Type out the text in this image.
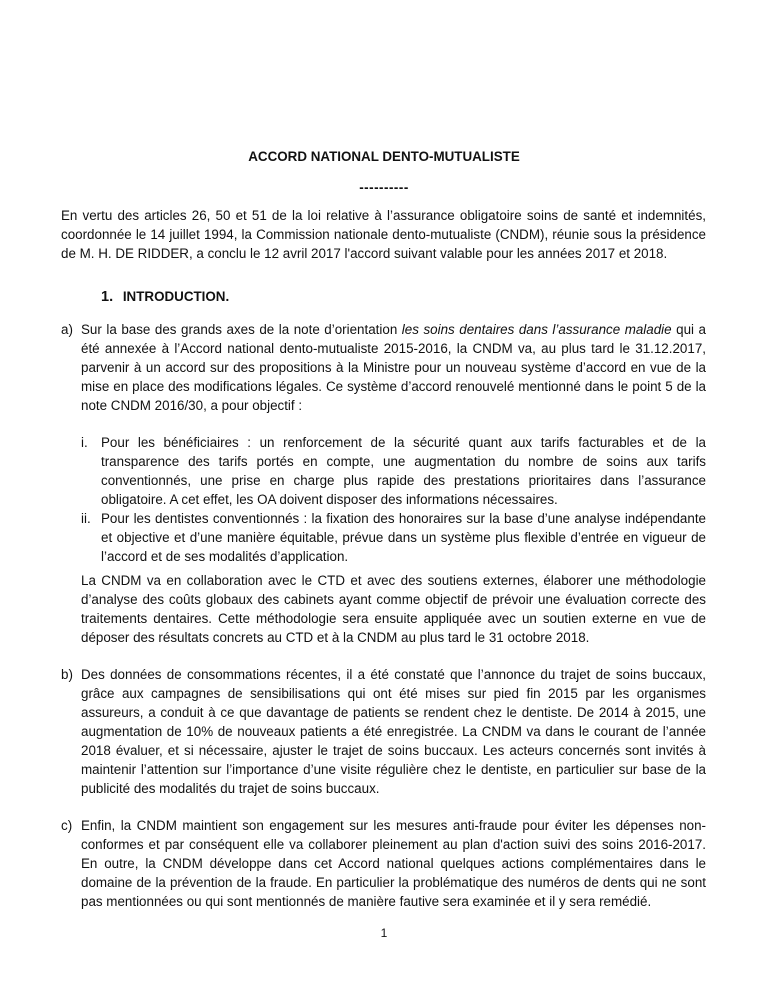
ACCORD NATIONAL DENTO-MUTUALISTE
----------
En vertu des articles 26, 50 et 51 de la loi relative à l’assurance obligatoire soins de santé et indemnités, coordonnée le 14 juillet 1994, la Commission nationale dento-mutualiste (CNDM), réunie sous la présidence de M. H. DE RIDDER, a conclu le 12 avril 2017 l'accord suivant valable pour les années 2017 et 2018.
1. INTRODUCTION.
a) Sur la base des grands axes de la note d’orientation les soins dentaires dans l’assurance maladie qui a été annexée à l’Accord national dento-mutualiste 2015-2016, la CNDM va, au plus tard le 31.12.2017, parvenir à un accord sur des propositions à la Ministre pour un nouveau système d’accord en vue de la mise en place des modifications légales. Ce système d’accord renouvelé mentionné dans le point 5 de la note CNDM 2016/30, a pour objectif :
i. Pour les bénéficiaires : un renforcement de la sécurité quant aux tarifs facturables et de la transparence des tarifs portés en compte, une augmentation du nombre de soins aux tarifs conventionnés, une prise en charge plus rapide des prestations prioritaires dans l’assurance obligatoire. A cet effet, les OA doivent disposer des informations nécessaires.
ii. Pour les dentistes conventionnés : la fixation des honoraires sur la base d’une analyse indépendante et objective et d’une manière équitable, prévue dans un système plus flexible d’entrée en vigueur de l’accord et de ses modalités d’application.
La CNDM va en collaboration avec le CTD et avec des soutiens externes, élaborer une méthodologie d’analyse des coûts globaux des cabinets ayant comme objectif de prévoir une évaluation correcte des traitements dentaires. Cette méthodologie sera ensuite appliquée avec un soutien externe en vue de déposer des résultats concrets au CTD et à la CNDM au plus tard le 31 octobre 2018.
b) Des données de consommations récentes, il a été constaté que l’annonce du trajet de soins buccaux, grâce aux campagnes de sensibilisations qui ont été mises sur pied fin 2015 par les organismes assureurs, a conduit à ce que davantage de patients se rendent chez le dentiste. De 2014 à 2015, une augmentation de 10% de nouveaux patients a été enregistrée. La CNDM va dans le courant de l’année 2018 évaluer, et si nécessaire, ajuster le trajet de soins buccaux. Les acteurs concernés sont invités à maintenir l’attention sur l’importance d’une visite régulière chez le dentiste, en particulier sur base de la publicité des modalités du trajet de soins buccaux.
c) Enfin, la CNDM maintient son engagement sur les mesures anti-fraude pour éviter les dépenses non-conformes et par conséquent elle va collaborer pleinement au plan d'action suivi des soins 2016-2017. En outre, la CNDM développe dans cet Accord national quelques actions complémentaires dans le domaine de la prévention de la fraude. En particulier la problématique des numéros de dents qui ne sont pas mentionnées ou qui sont mentionnés de manière fautive sera examinée et il y sera remédié.
1
